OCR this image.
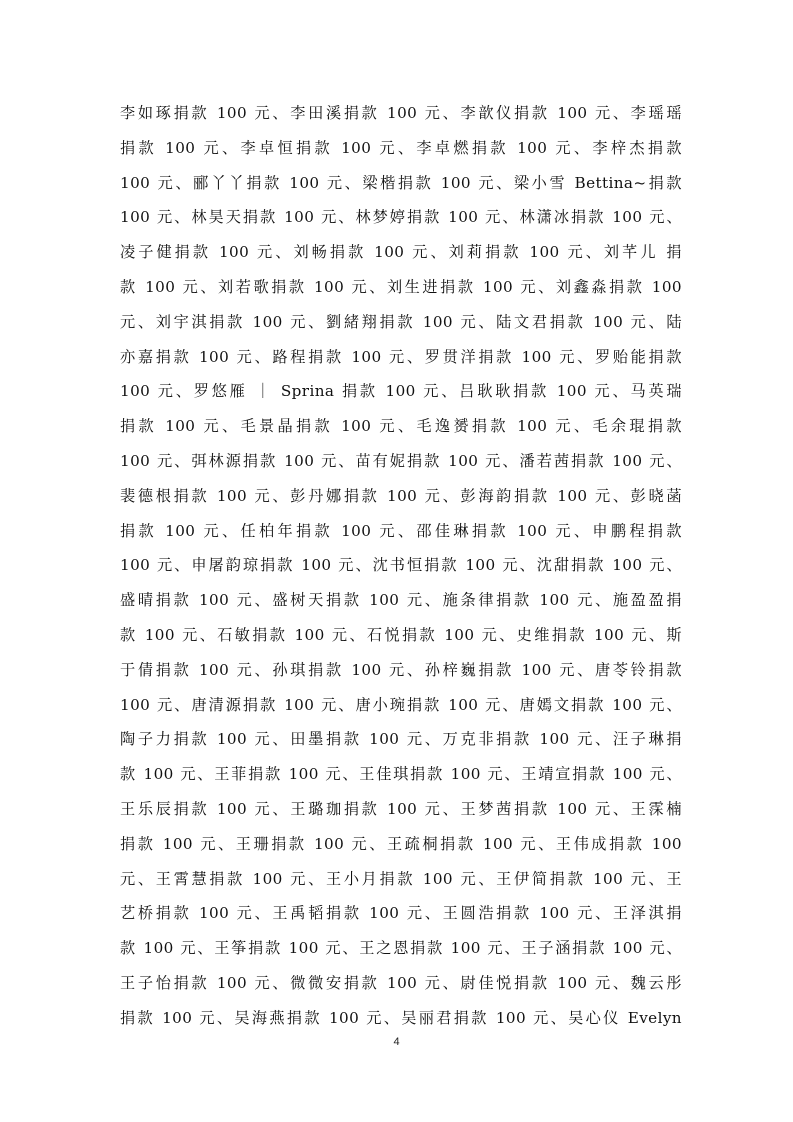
李如琢捐款 100 元、李田溪捐款 100 元、李歆仪捐款 100 元、李瑶瑶
捐款 100 元、李卓恒捐款 100 元、李卓燃捐款 100 元、李梓杰捐款
100 元、郦丫丫捐款 100 元、梁楷捐款 100 元、梁小雪 Bettina~捐款
100 元、林昊天捐款 100 元、林梦婷捐款 100 元、林潇冰捐款 100 元、
凌子健捐款 100 元、刘畅捐款 100 元、刘莉捐款 100 元、刘芊儿 捐
款 100 元、刘若歌捐款 100 元、刘生进捐款 100 元、刘鑫淼捐款 100
元、刘宇淇捐款 100 元、劉緒翔捐款 100 元、陆文君捐款 100 元、陆
亦嘉捐款 100 元、路程捐款 100 元、罗贯洋捐款 100 元、罗贻能捐款
100 元、罗悠雁 ｜ Sprina 捐款 100 元、吕耿耿捐款 100 元、马英瑞
捐款 100 元、毛景晶捐款 100 元、毛逸赟捐款 100 元、毛余琨捐款
100 元、弭林源捐款 100 元、苗有妮捐款 100 元、潘若茜捐款 100 元、
裴德根捐款 100 元、彭丹娜捐款 100 元、彭海韵捐款 100 元、彭晓菡
捐款 100 元、任柏年捐款 100 元、邵佳琳捐款 100 元、申鹏程捐款
100 元、申屠韵琼捐款 100 元、沈书恒捐款 100 元、沈甜捐款 100 元、
盛晴捐款 100 元、盛树天捐款 100 元、施条律捐款 100 元、施盈盈捐
款 100 元、石敏捐款 100 元、石悦捐款 100 元、史维捐款 100 元、斯
于倩捐款 100 元、孙琪捐款 100 元、孙梓巍捐款 100 元、唐苓铃捐款
100 元、唐清源捐款 100 元、唐小琬捐款 100 元、唐嫣文捐款 100 元、
陶子力捐款 100 元、田墨捐款 100 元、万克非捐款 100 元、汪子琳捐
款 100 元、王菲捐款 100 元、王佳琪捐款 100 元、王靖宣捐款 100 元、
王乐辰捐款 100 元、王璐珈捐款 100 元、王梦茜捐款 100 元、王霂楠
捐款 100 元、王珊捐款 100 元、王疏桐捐款 100 元、王伟成捐款 100
元、王霄慧捐款 100 元、王小月捐款 100 元、王伊简捐款 100 元、王
艺桥捐款 100 元、王禹韬捐款 100 元、王圆浩捐款 100 元、王泽淇捐
款 100 元、王筝捐款 100 元、王之恩捐款 100 元、王子涵捐款 100 元、
王子怡捐款 100 元、微微安捐款 100 元、尉佳悦捐款 100 元、魏云彤
捐款 100 元、吴海燕捐款 100 元、吴丽君捐款 100 元、吴心仪 Evelyn
4
